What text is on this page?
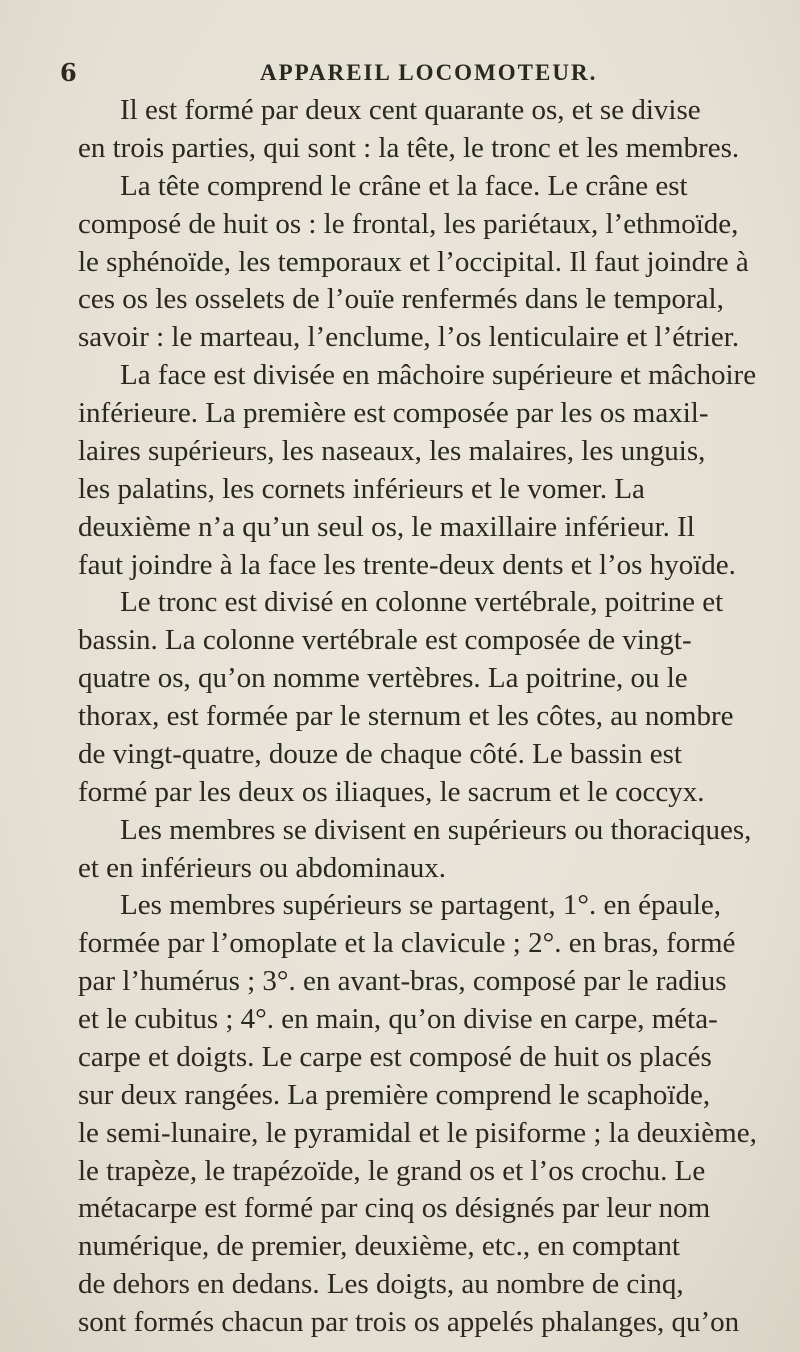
6	APPAREIL LOCOMOTEUR.
Il est formé par deux cent quarante os, et se divise
en trois parties, qui sont : la tête, le tronc et les membres.
La tête comprend le crâne et la face. Le crâne est
composé de huit os : le frontal, les pariétaux, l’ethmoïde,
le sphénoïde, les temporaux et l’occipital. Il faut joindre à
ces os les osselets de l’ouïe renfermés dans le temporal,
savoir : le marteau, l’enclume, l’os lenticulaire et l’étrier.
La face est divisée en mâchoire supérieure et mâchoire
inférieure. La première est composée par les os maxil-
laires supérieurs, les naseaux, les malaires, les unguis,
les palatins, les cornets inférieurs et le vomer. La
deuxième n’a qu’un seul os, le maxillaire inférieur. Il
faut joindre à la face les trente-deux dents et l’os hyoïde.
Le tronc est divisé en colonne vertébrale, poitrine et
bassin. La colonne vertébrale est composée de vingt-
quatre os, qu’on nomme vertèbres. La poitrine, ou le
thorax, est formée par le sternum et les côtes, au nombre
de vingt-quatre, douze de chaque côté. Le bassin est
formé par les deux os iliaques, le sacrum et le coccyx.
Les membres se divisent en supérieurs ou thoraciques,
et en inférieurs ou abdominaux.
Les membres supérieurs se partagent, 1°. en épaule,
formée par l’omoplate et la clavicule ; 2°. en bras, formé
par l’humérus ; 3°. en avant-bras, composé par le radius
et le cubitus ; 4°. en main, qu’on divise en carpe, méta-
carpe et doigts. Le carpe est composé de huit os placés
sur deux rangées. La première comprend le scaphoïde,
le semi-lunaire, le pyramidal et le pisiforme ; la deuxième,
le trapèze, le trapézoïde, le grand os et l’os crochu. Le
métacarpe est formé par cinq os désignés par leur nom
numérique, de premier, deuxième, etc., en comptant
de dehors en dedans. Les doigts, au nombre de cinq,
sont formés chacun par trois os appelés phalanges, qu’on
